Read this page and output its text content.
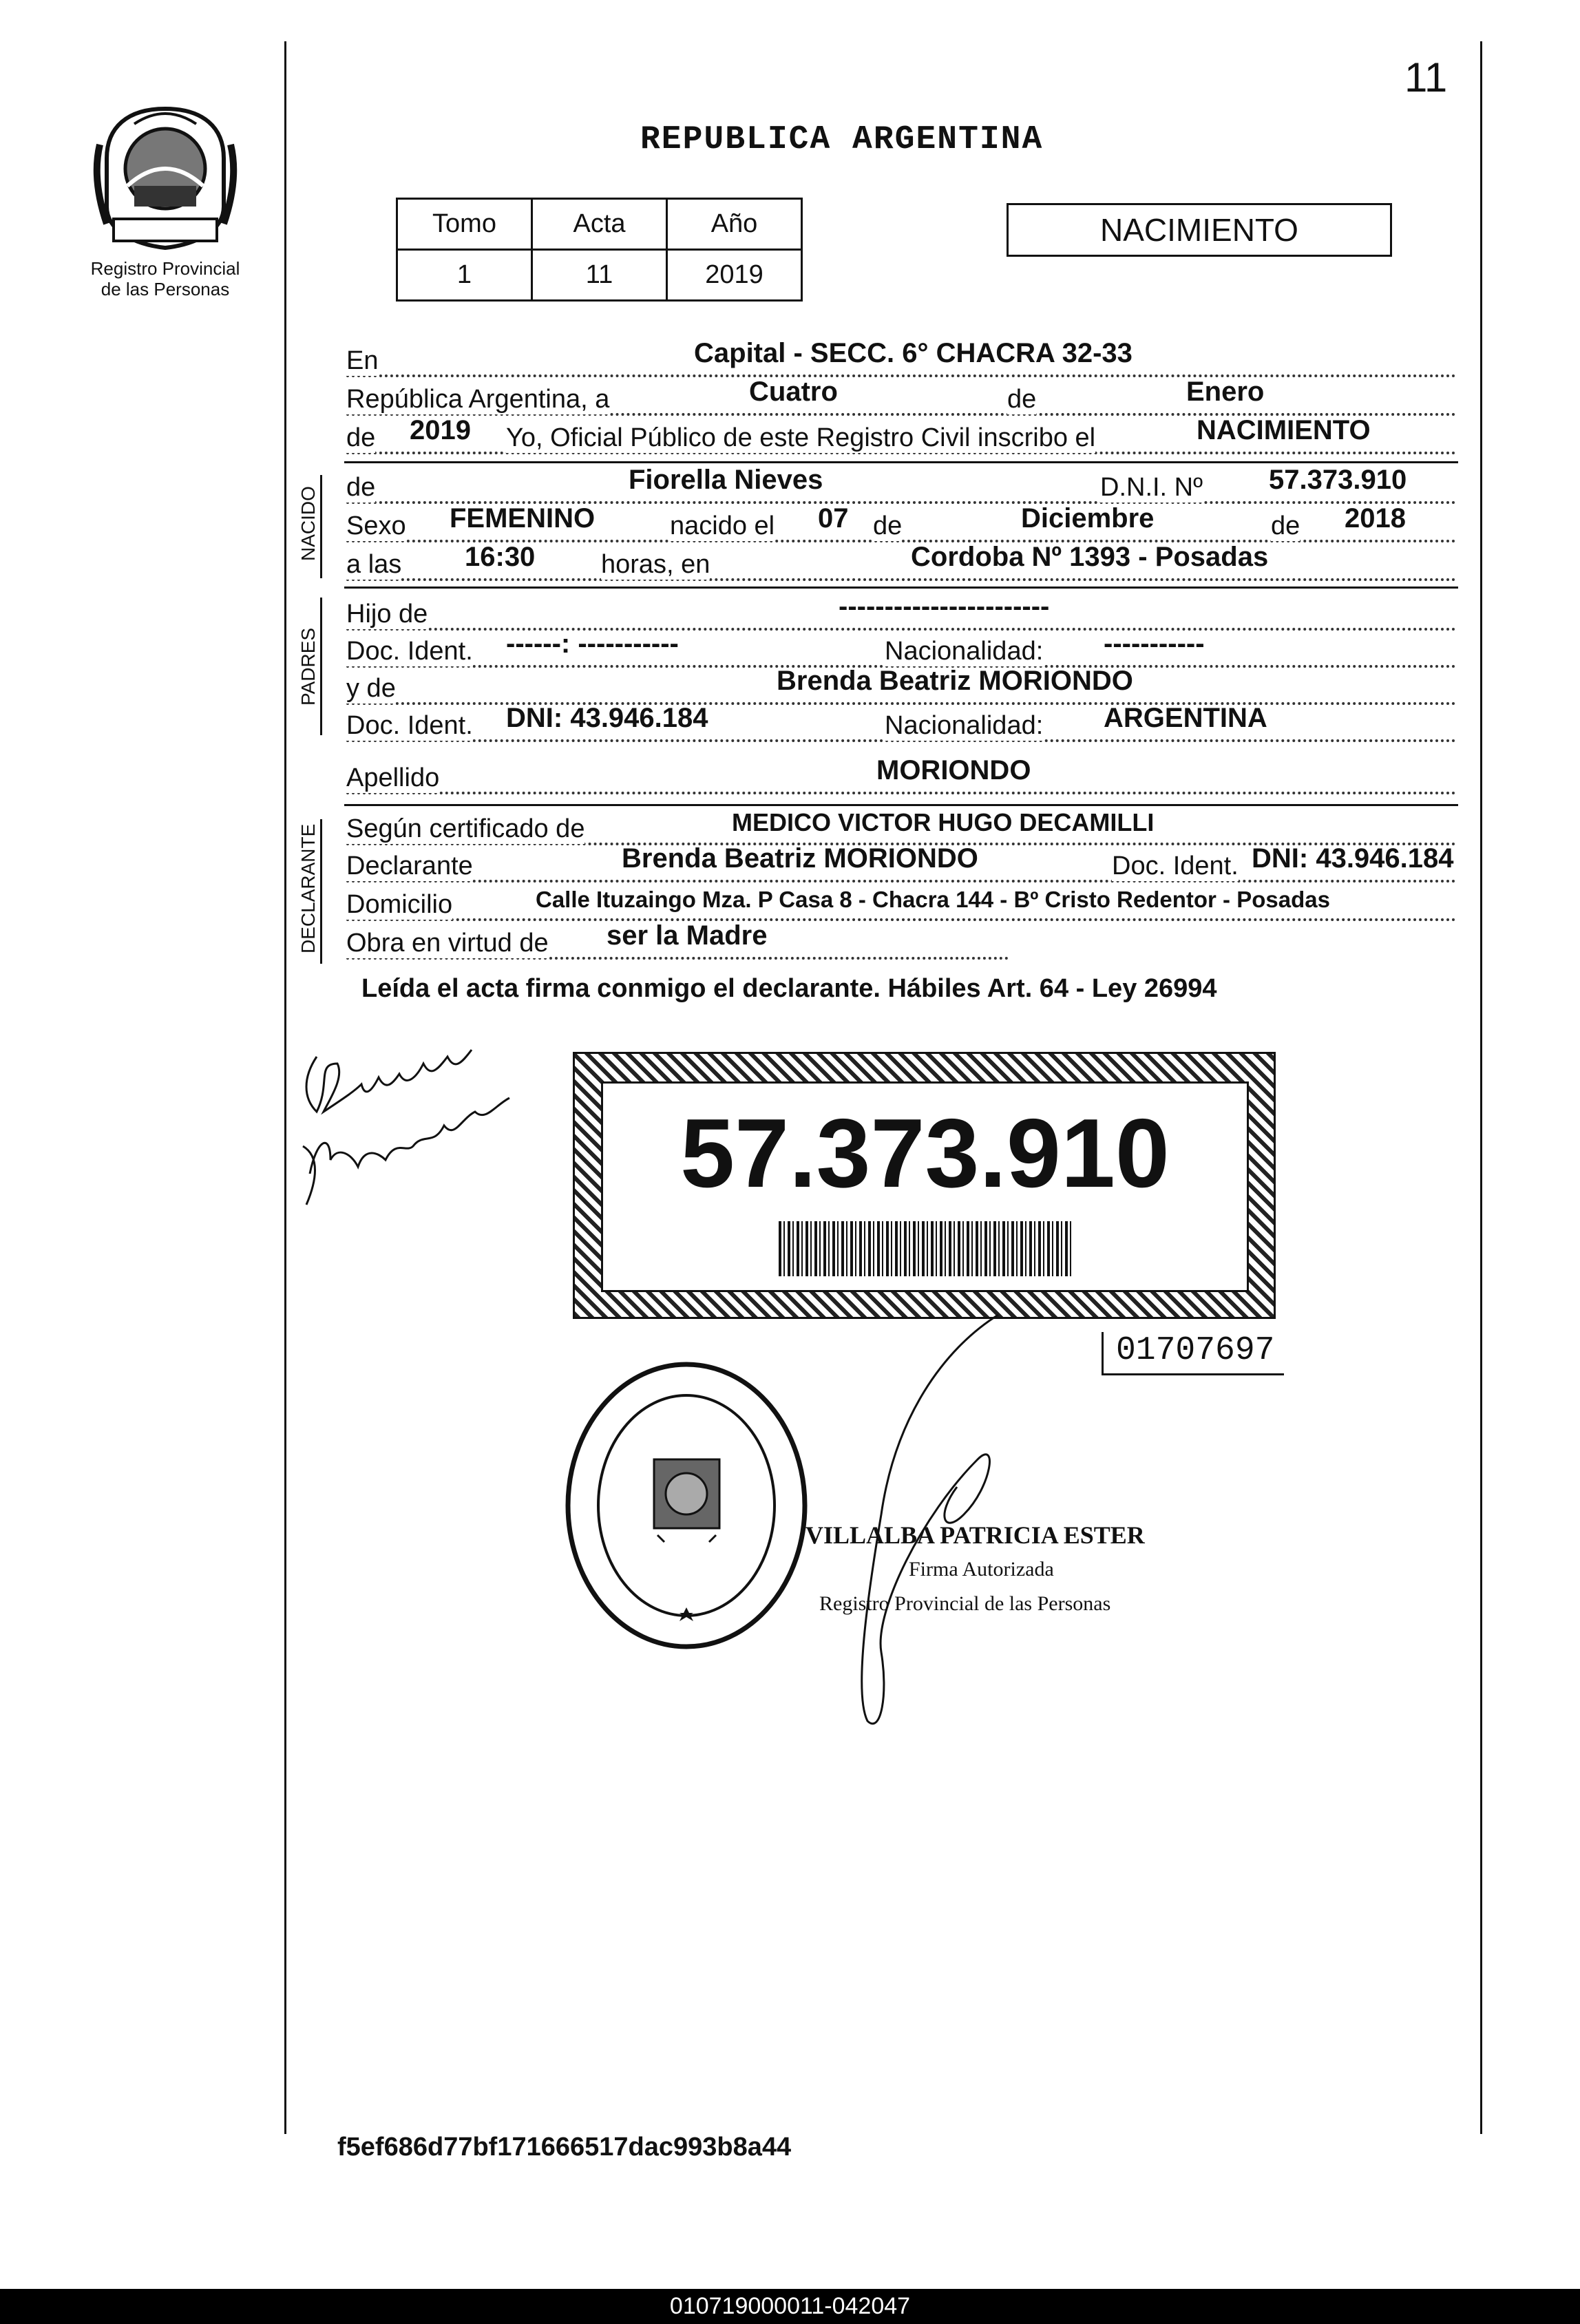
11
Registro Provincial
de las Personas
REPUBLICA ARGENTINA
Tomo	Acta	Año
1	11	2019
NACIMIENTO
En	Capital - SECC. 6° CHACRA 32-33
República Argentina, a	Cuatro	de	Enero
de 2019 Yo, Oficial Público de este Registro Civil inscribo el	NACIMIENTO
NACIDO de	Fiorella Nieves	D.N.I. Nº 57.373.910
Sexo FEMENINO	nacido el 07 de	Diciembre	de 2018
a las 16:30	horas, en	Cordoba Nº 1393 - Posadas
PADRES
Hijo de	-----------------------
Doc. Ident. ------: -----------	Nacionalidad: -----------
y de	Brenda Beatriz MORIONDO
Doc. Ident. DNI: 43.946.184	Nacionalidad: ARGENTINA
Apellido	MORIONDO
DECLARANTE Según certificado de	MEDICO VICTOR HUGO DECAMILLI
Declarante	Brenda Beatriz MORIONDO	Doc. Ident. DNI: 43.946.184
Domicilio	Calle Ituzaingo Mza. P Casa 8 - Chacra 144 - Bº Cristo Redentor - Posadas
Obra en virtud de ser la Madre
Leída el acta firma conmigo el declarante. Hábiles Art. 64 - Ley 26994
57.373.910
01707697
VILLALBA PATRICIA ESTER
Firma Autorizada
Registro Provincial de las Personas
f5ef686d77bf171666517dac993b8a44
010719000011-042047
